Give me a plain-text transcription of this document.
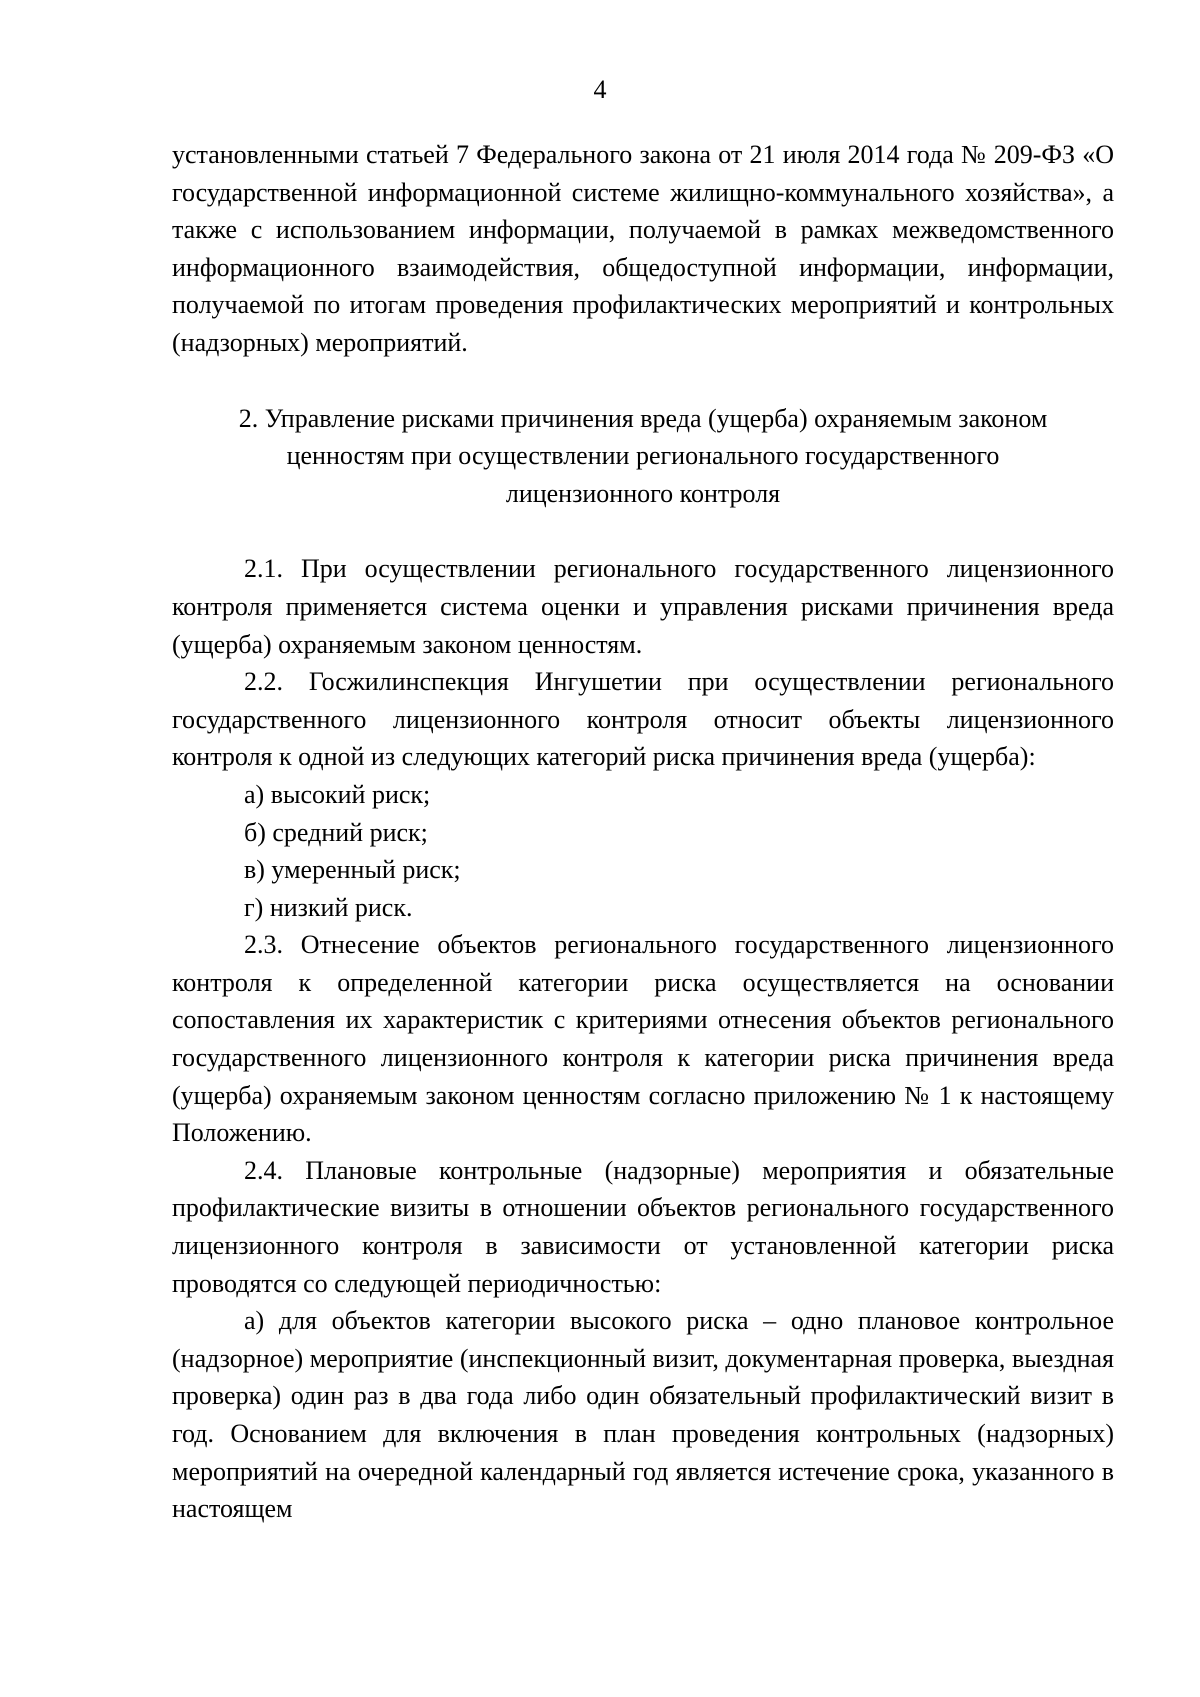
4

установленными статьей 7 Федерального закона от 21 июля 2014 года № 209-ФЗ «О государственной информационной системе жилищно-коммунального хозяйства», а также с использованием информации, получаемой в рамках межведомственного информационного взаимодействия, общедоступной информации, информации, получаемой по итогам проведения профилактических мероприятий и контрольных (надзорных) мероприятий.

2. Управление рисками причинения вреда (ущерба) охраняемым законом
ценностям при осуществлении регионального государственного
лицензионного контроля

2.1. При осуществлении регионального государственного лицензионного контроля применяется система оценки и управления рисками причинения вреда (ущерба) охраняемым законом ценностям.

2.2. Госжилинспекция Ингушетии при осуществлении регионального государственного лицензионного контроля относит объекты лицензионного контроля к одной из следующих категорий риска причинения вреда (ущерба):

а) высокий риск;

б) средний риск;

в) умеренный риск;

г) низкий риск.

2.3. Отнесение объектов регионального государственного лицензионного контроля к определенной категории риска осуществляется на основании сопоставления их характеристик с критериями отнесения объектов регионального государственного лицензионного контроля к категории риска причинения вреда (ущерба) охраняемым законом ценностям согласно приложению № 1 к настоящему Положению.

2.4. Плановые контрольные (надзорные) мероприятия и обязательные профилактические визиты в отношении объектов регионального государственного лицензионного контроля в зависимости от установленной категории риска проводятся со следующей периодичностью:

а) для объектов категории высокого риска – одно плановое контрольное (надзорное) мероприятие (инспекционный визит, документарная проверка, выездная проверка) один раз в два года либо один обязательный профилактический визит в год. Основанием для включения в план проведения контрольных (надзорных) мероприятий на очередной календарный год является истечение срока, указанного в настоящем
